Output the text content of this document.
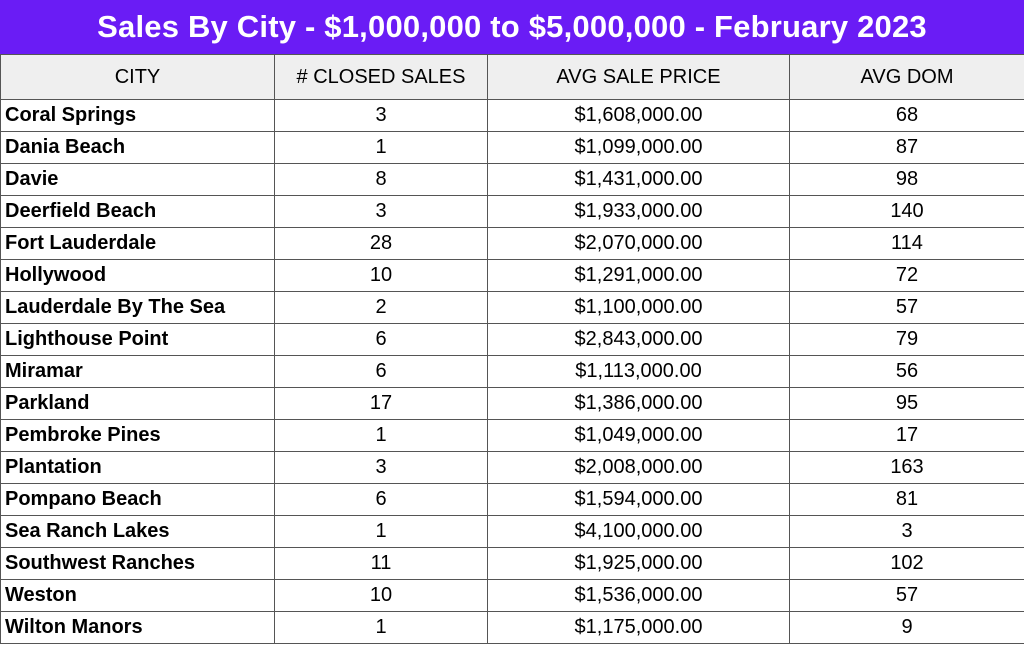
Sales By City - $1,000,000 to $5,000,000 - February 2023
CITY	# CLOSED SALES	AVG SALE PRICE	AVG DOM
Coral Springs	3	$1,608,000.00	68
Dania Beach	1	$1,099,000.00	87
Davie	8	$1,431,000.00	98
Deerfield Beach	3	$1,933,000.00	140
Fort Lauderdale	28	$2,070,000.00	114
Hollywood	10	$1,291,000.00	72
Lauderdale By The Sea	2	$1,100,000.00	57
Lighthouse Point	6	$2,843,000.00	79
Miramar	6	$1,113,000.00	56
Parkland	17	$1,386,000.00	95
Pembroke Pines	1	$1,049,000.00	17
Plantation	3	$2,008,000.00	163
Pompano Beach	6	$1,594,000.00	81
Sea Ranch Lakes	1	$4,100,000.00	3
Southwest Ranches	11	$1,925,000.00	102
Weston	10	$1,536,000.00	57
Wilton Manors	1	$1,175,000.00	9
